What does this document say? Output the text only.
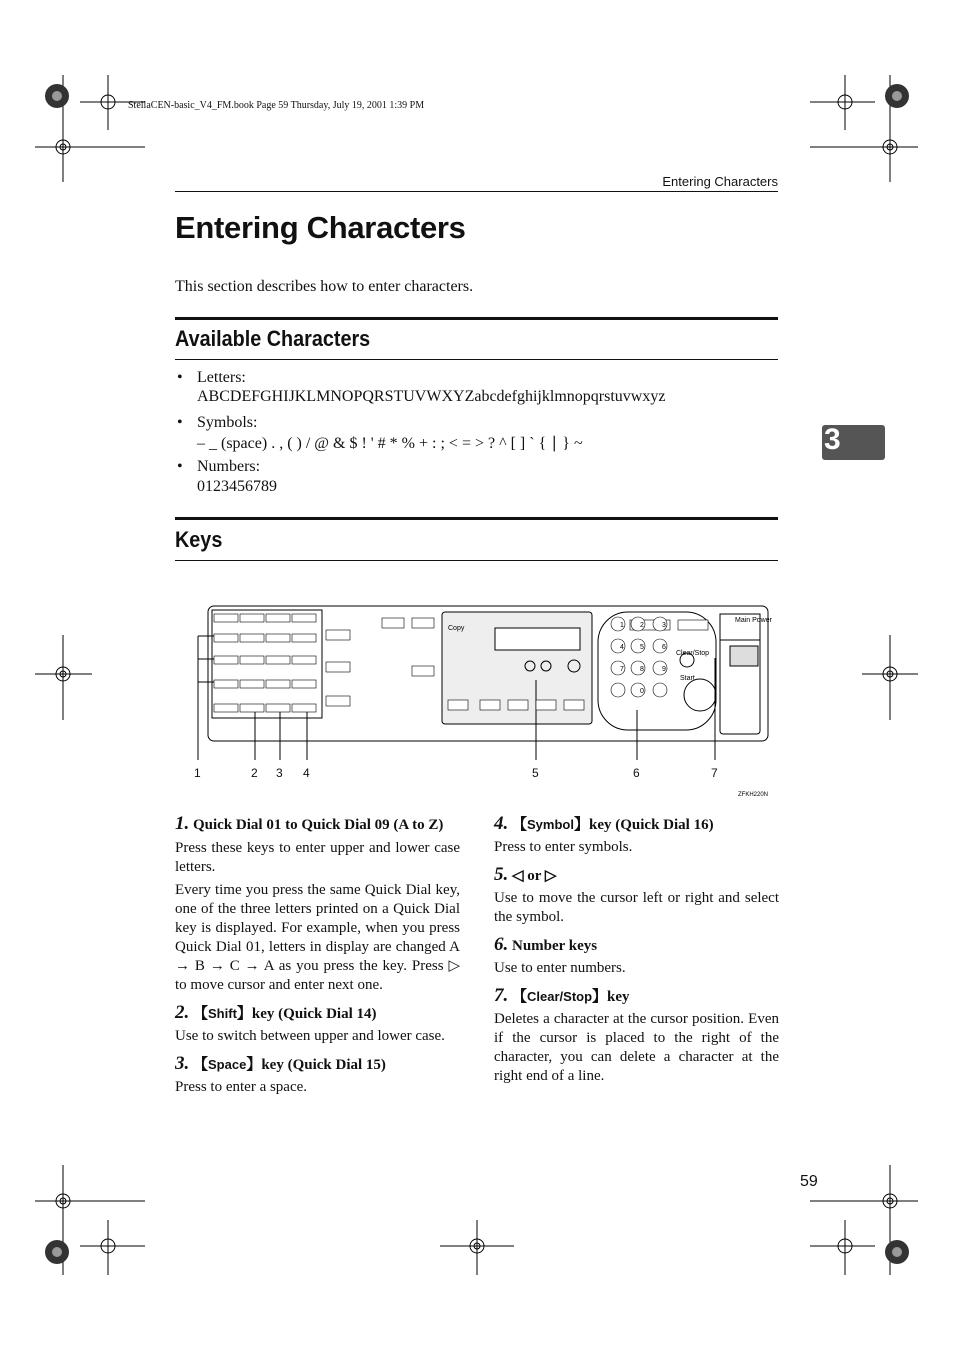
StellaCEN-basic_V4_FM.book Page 59 Thursday, July 19, 2001 1:39 PM
Entering Characters
Entering Characters
This section describes how to enter characters.
3
Available Characters
• Letters:
ABCDEFGHIJKLMNOPQRSTUVWXYZabcdefghijklmnopqrstuvwxyz
• Symbols:
– _ (space) . , ( ) / @ & $ ! ' # * % + : ; < = > ? ^ [ ] ` { ∣ } ~
• Numbers:
0123456789
Keys
1 2	3
4 5	6
7 8	9
0
Copy
Clear/Stop
Start
Main Power
ZFKH220N
1	2 3 4	5	6	7
1. Quick Dial 01 to Quick Dial 09 (A to Z)

Press these keys to enter upper and lower case letters.

Every time you press the same Quick Dial key, one of the three letters printed on a Quick Dial key is displayed. For example, when you press Quick Dial 01, letters in display are changed A → B → C → A as you press the key. Press ▷ to move cursor and enter next one.

2. 【Shift】key (Quick Dial 14)

Use to switch between upper and lower case.

3. 【Space】key (Quick Dial 15)

Press to enter a space.

4. 【Symbol】key (Quick Dial 16)

Press to enter symbols.

5. ◁ or ▷

Use to move the cursor left or right and select the symbol.

6. Number keys

Use to enter numbers.

7. 【Clear/Stop】key

Deletes a character at the cursor position. Even if the cursor is placed to the right of the character, you can delete a character at the right end of a line.

59
